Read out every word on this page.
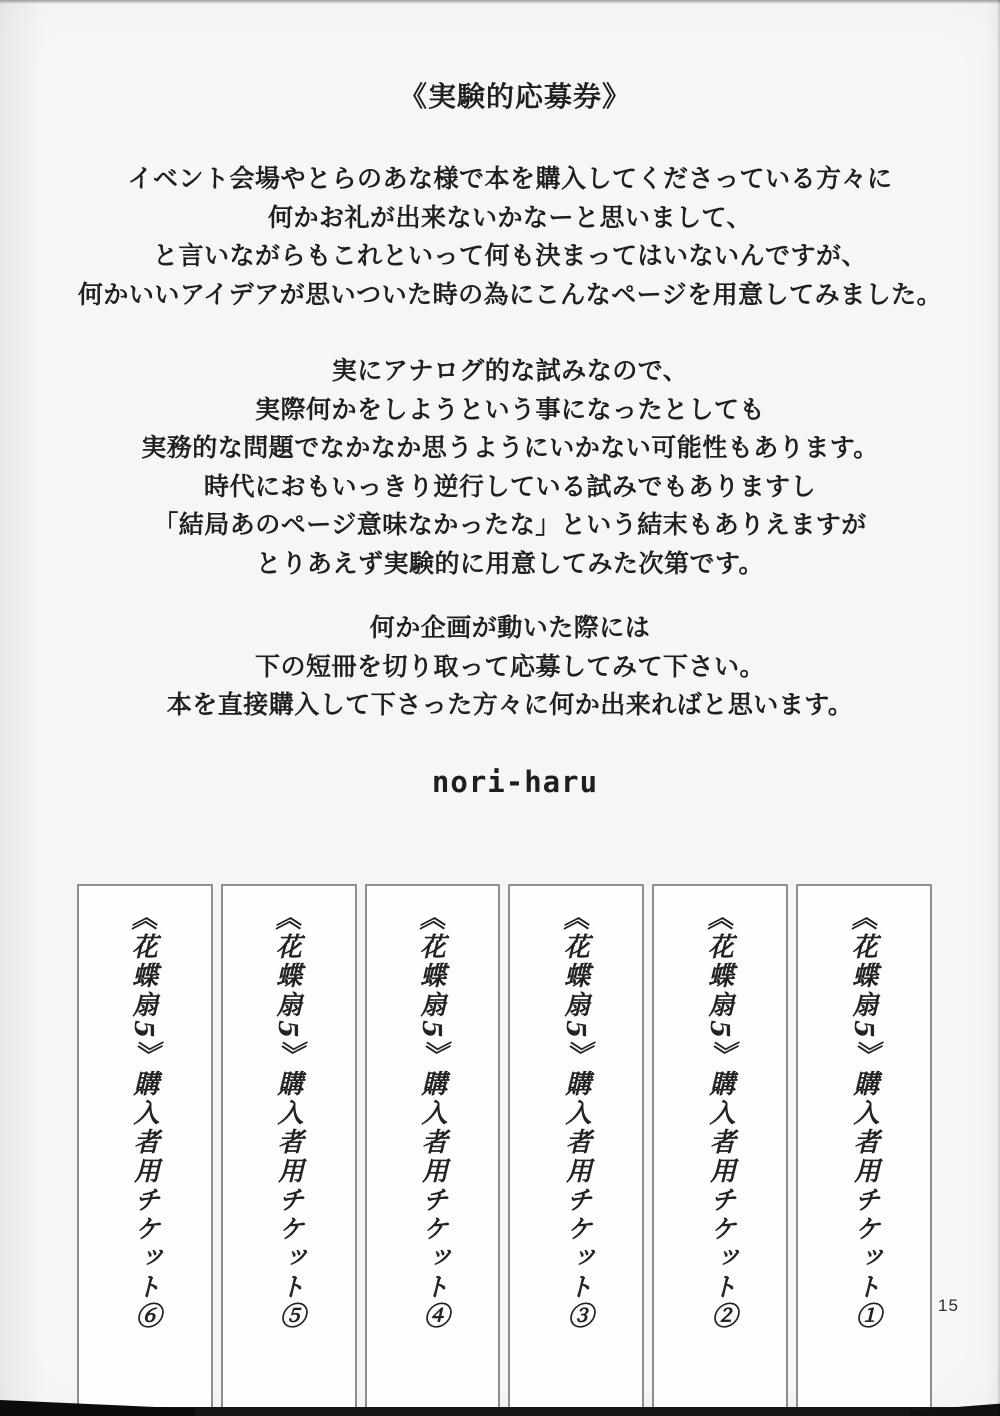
《実験的応募券》
イベント会場やとらのあな様で本を購入してくださっている方々に
何かお礼が出来ないかなーと思いまして、
と言いながらもこれといって何も決まってはいないんですが、
何かいいアイデアが思いついた時の為にこんなページを用意してみました。
実にアナログ的な試みなので、
実際何かをしようという事になったとしても
実務的な問題でなかなか思うようにいかない可能性もあります。
時代におもいっきり逆行している試みでもありますし
「結局あのページ意味なかったな」という結末もありえますが
とりあえず実験的に用意してみた次第です。
何か企画が動いた際には
下の短冊を切り取って応募してみて下さい。
本を直接購入して下さった方々に何か出来ればと思います。
nori-haru
《花蝶扇5》購入者用チケット⑥	《花蝶扇5》購入者用チケット⑤	《花蝶扇5》購入者用チケット④	《花蝶扇5》購入者用チケット③	《花蝶扇5》購入者用チケット②	《花蝶扇5》購入者用チケット①	15
